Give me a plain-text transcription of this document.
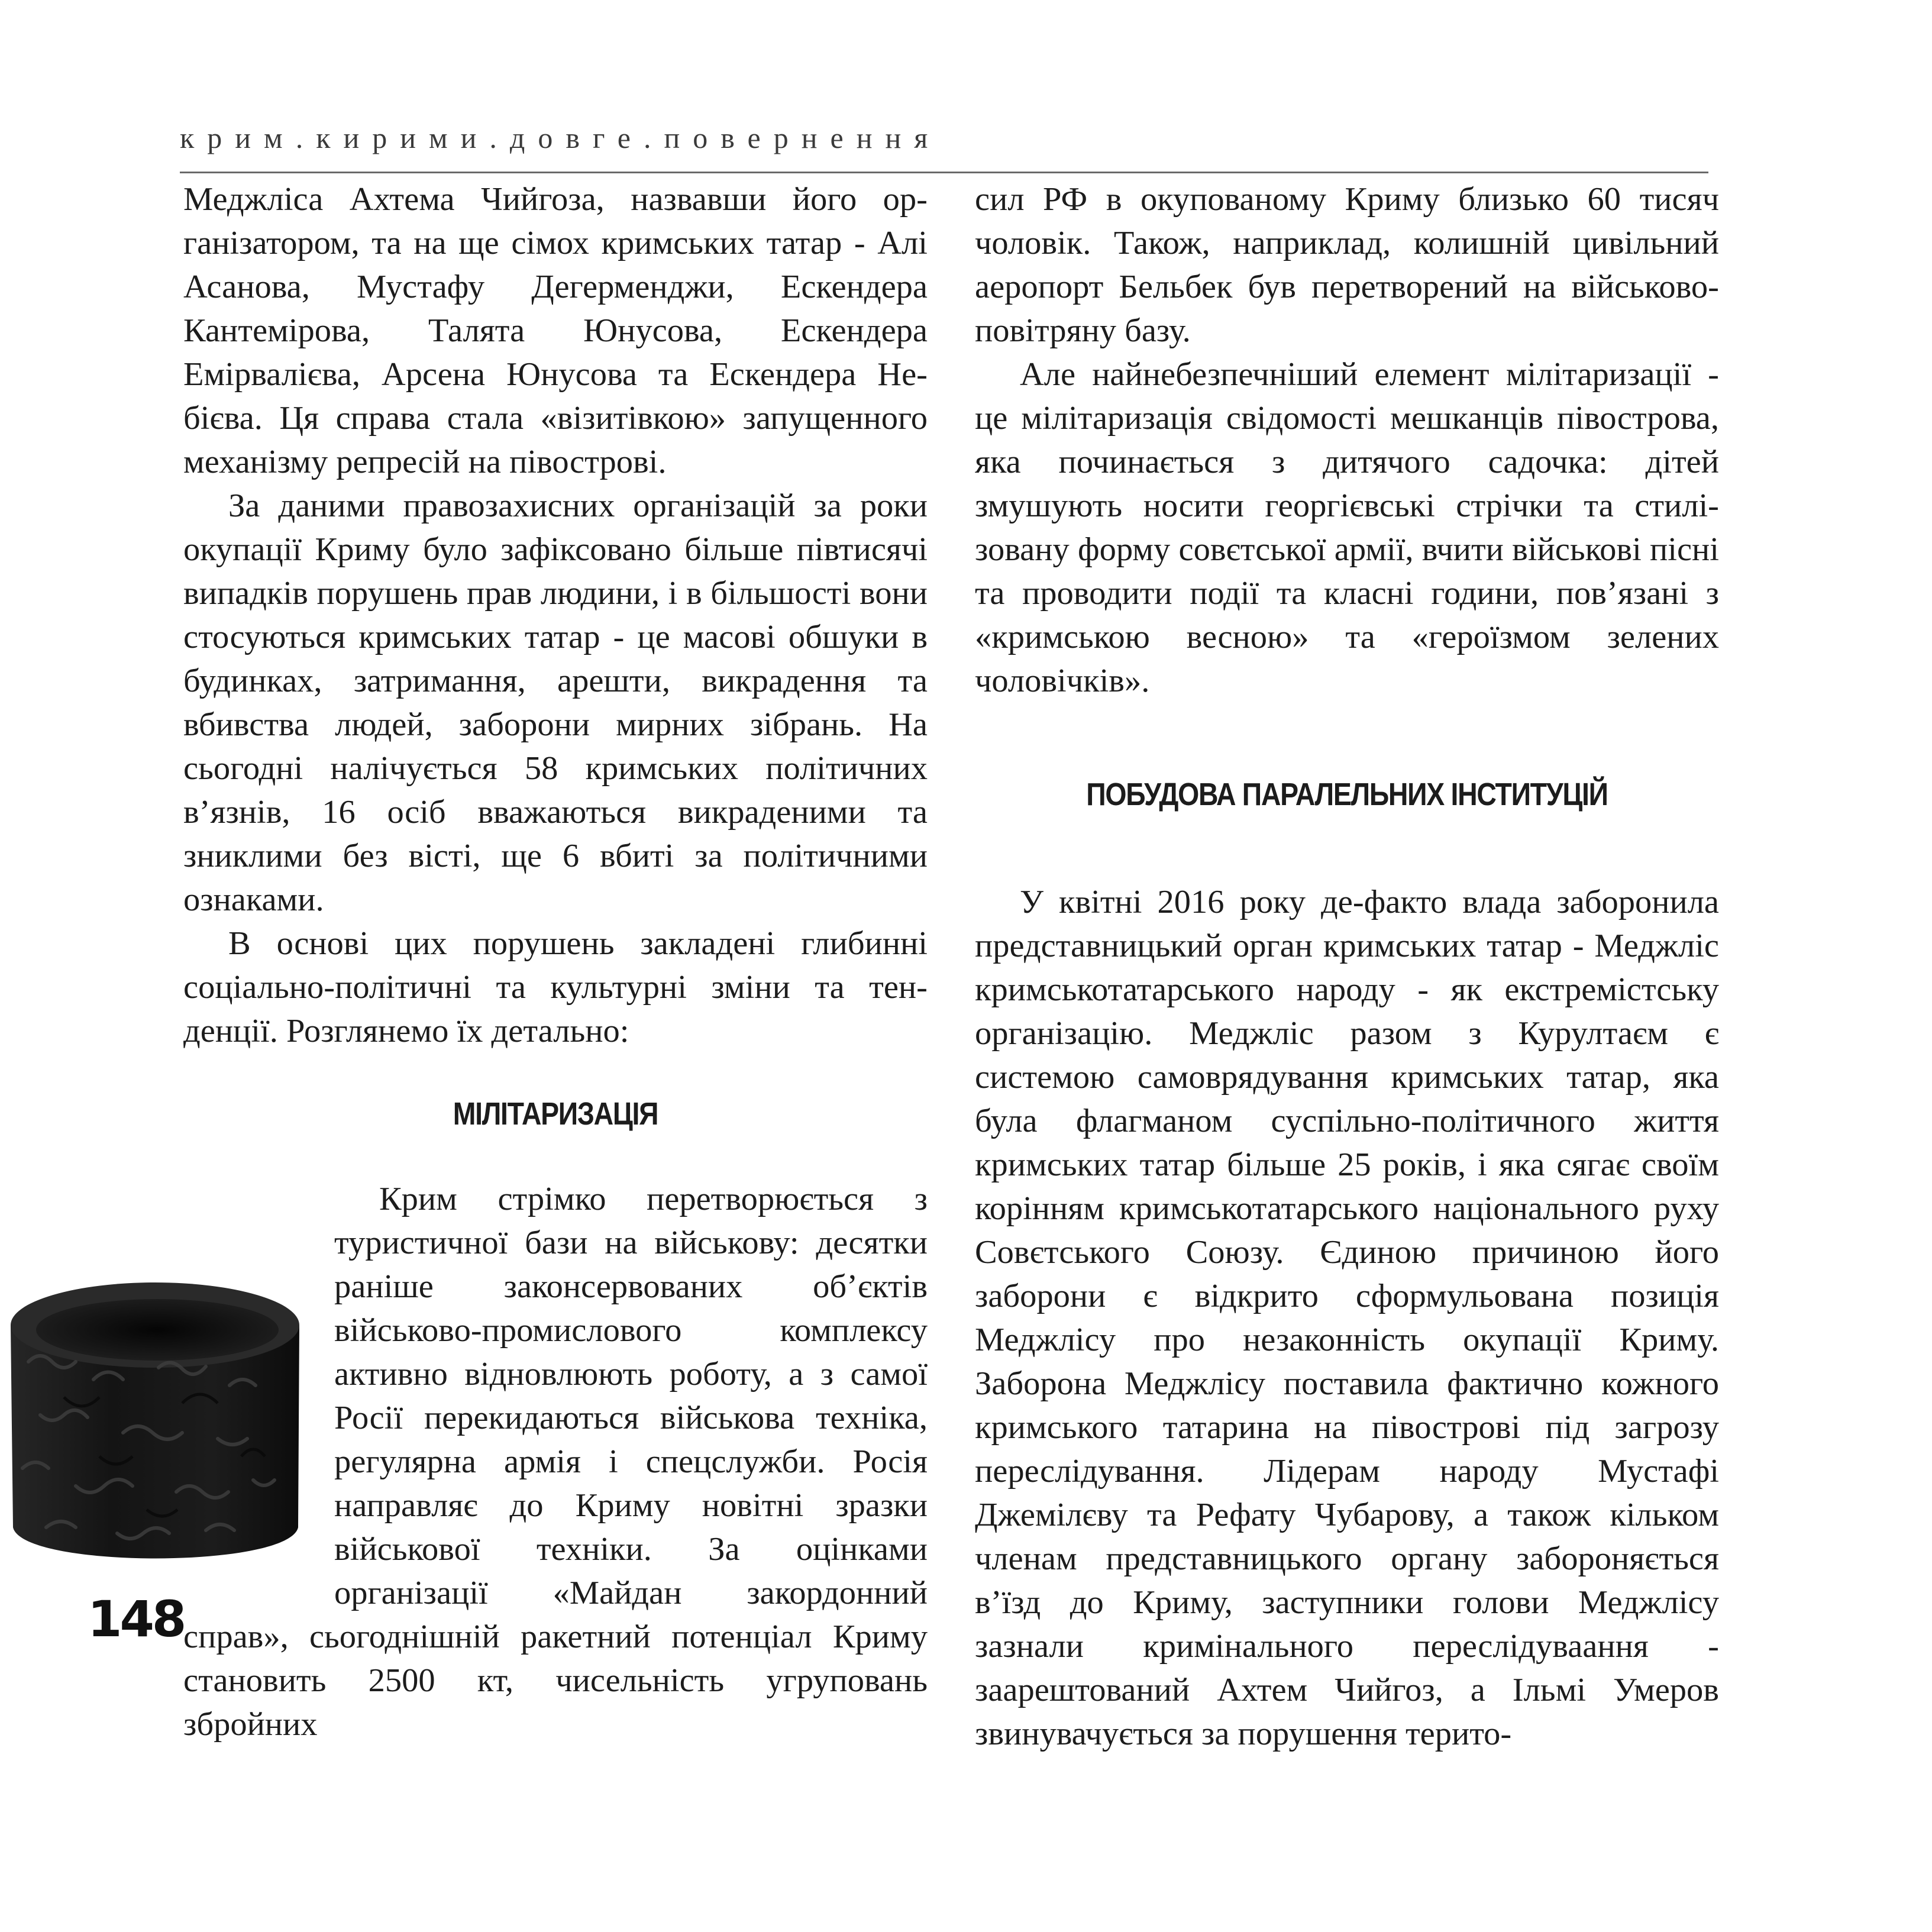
крим.кирими.довге.повернення

Меджліса Ахтема Чийгоза, назвавши його організатором, та на ще сімох кримських татар - Алі Асанова, Мустафу Дегерменджи, Ескендера Кантемірова, Талята Юнусова, Ескендера Емірвалієва, Арсена Юнусова та Ескендера Небієва. Ця справа стала «візитівкою» запущенного механізму репресій на півострові.

За даними правозахисних організацій за роки окупації Криму було зафіксовано більше півтисячі випадків порушень прав людини, і в більшості вони стосуються кримських татар - це масові обшуки в будинках, затримання, арешти, викрадення та вбивства людей, заборони мирних зібрань. На сьогодні налічується 58 кримських політичних в’язнів, 16 осіб вважаються викраденими та зниклими без вісті, ще 6 вбиті за політичними ознаками.

В основі цих порушень закладені глибинні соціально-політичні та культурні зміни та тенденції. Розглянемо їх детально:

МІЛІТАРИЗАЦІЯ

Крим стрімко перетворюється з туристичної бази на військову: десятки раніше законсервованих об’єктів військово-промислового комплексу активно відновлюють роботу, а з самої Росії перекидаються військова техніка, регулярна армія і спецслужби. Росія направляє до Криму новітні зразки військової техніки. За оцінками організації «Майдан закордонний справ», сьогоднішній ракетний потенціал Криму становить 2500 кт, чисельність угруповань збройних

сил РФ в окупованому Криму близько 60 тисяч чоловік. Також, наприклад, колишній цивільний аеропорт Бельбек був перетворений на військово-повітряну базу.

Але найнебезпечніший елемент мілітаризації - це мілітаризація свідомості мешканців півострова, яка починається з дитячого садочка: дітей змушують носити георгієвські стрічки та стилізовану форму совєтської армії, вчити військові пісні та проводити події та класні години, пов’язані з «кримською весною» та «героїзмом зелених чоловічків».

ПОБУДОВА ПАРАЛЕЛЬНИХ ІНСТИТУЦІЙ

У квітні 2016 року де-факто влада заборонила представницький орган кримських татар - Меджліс кримськотатарського народу - як екстремістську організацію. Меджліс разом з Курултаєм є системою самоврядування кримських татар, яка була флагманом суспільно-політичного життя кримських татар більше 25 років, і яка сягає своїм корінням кримськотатарського національного руху Совєтського Союзу. Єдиною причиною його заборони є відкрито сформульована позиція Меджлісу про незаконність окупації Криму. Заборона Меджлісу поставила фактично кожного кримського татарина на півострові під загрозу переслідування. Лідерам народу Мустафі Джемілєву та Рефату Чубарову, а також кільком членам представницького органу забороняється в’їзд до Криму, заступники голови Меджлісу зазнали кримінального переслідуваання - заарештований Ахтем Чийгоз, а Ільмі Умеров звинувачується за порушення терито-

148
